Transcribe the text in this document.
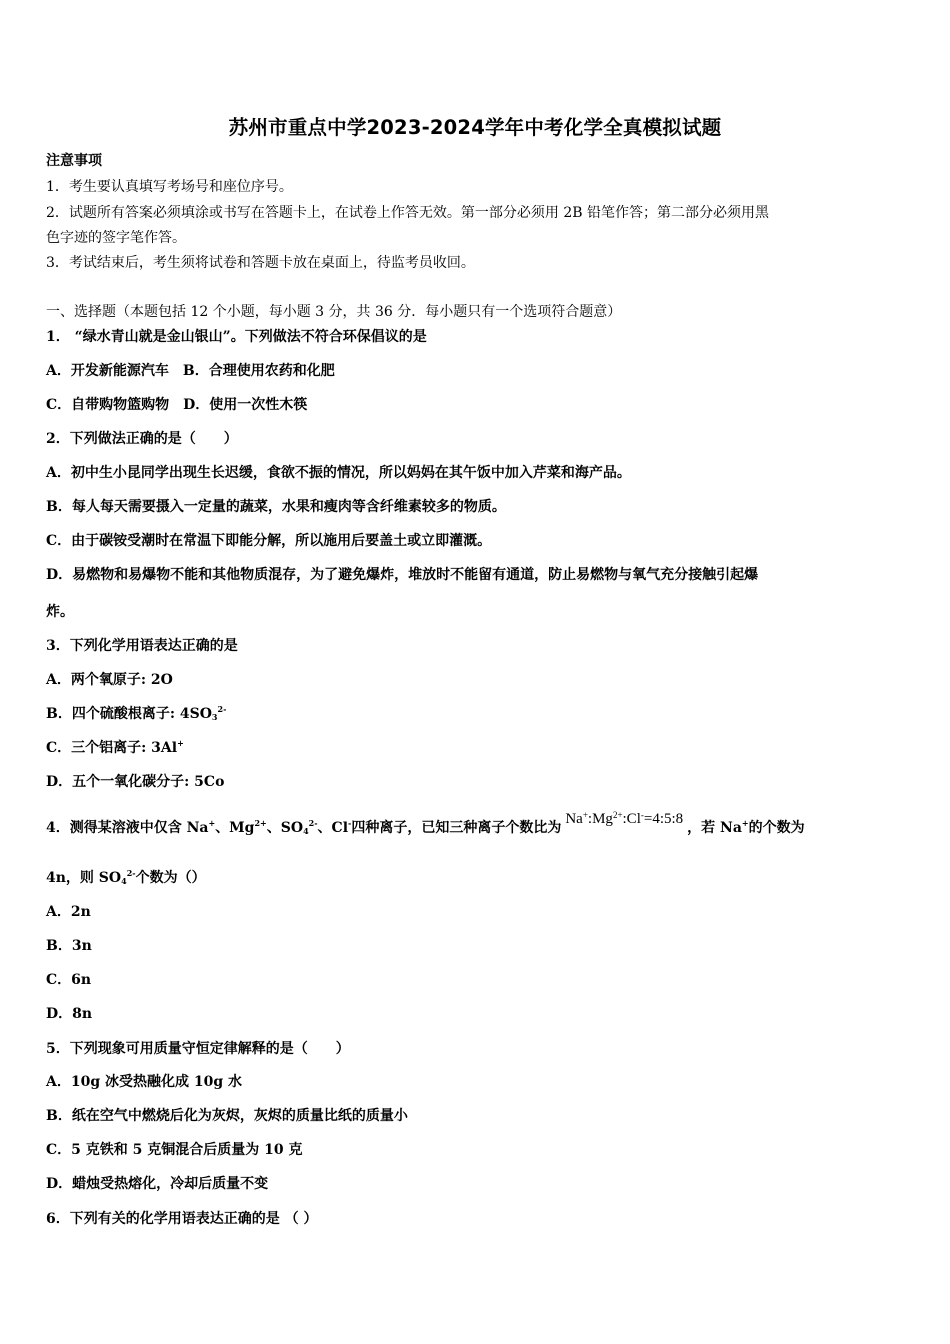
苏州市重点中学2023-2024学年中考化学全真模拟试题
注意事项
1．考生要认真填写考场号和座位序号。
2．试题所有答案必须填涂或书写在答题卡上，在试卷上作答无效。第一部分必须用 2B 铅笔作答；第二部分必须用黑
色字迹的签字笔作答。
3．考试结束后，考生须将试卷和答题卡放在桌面上，待监考员收回。
一、选择题（本题包括 12 个小题，每小题 3 分，共 36 分．每小题只有一个选项符合题意）
1． “绿水青山就是金山银山”。下列做法不符合环保倡议的是
A．开发新能源汽车　B．合理使用农药和化肥
C．自带购物篮购物　D．使用一次性木筷
2．下列做法正确的是（　　）
A．初中生小昆同学出现生长迟缓，食欲不振的情况，所以妈妈在其午饭中加入芹菜和海产品。
B．每人每天需要摄入一定量的蔬菜，水果和瘦肉等含纤维素较多的物质。
C．由于碳铵受潮时在常温下即能分解，所以施用后要盖土或立即灌溉。
D．易燃物和易爆物不能和其他物质混存，为了避免爆炸，堆放时不能留有通道，防止易燃物与氧气充分接触引起爆
炸。
3．下列化学用语表达正确的是
A．两个氧原子: 2O
B．四个硫酸根离子: $4SO_3^{2-}$
C．三个铝离子: 3Al+
D．五个一氧化碳分子: 5Co
4．测得某溶液中仅含 Na+、$Mg^{2+}$、$SO_4^{2-}$、Cl-四种离子，已知三种离子个数比为$Na^+:Mg^{2+}:Cl^-=4:5:8$，若 Na+的个数为
4n，则 $SO_4^{2-}$个数为（）
A．2n
B．3n
C．6n
D．8n
5．下列现象可用质量守恒定律解释的是（　　）
A．10g 冰受热融化成 10g 水
B．纸在空气中燃烧后化为灰烬，灰烬的质量比纸的质量小
C．5 克铁和 5 克铜混合后质量为 10 克
D．蜡烛受热熔化，冷却后质量不变
6．下列有关的化学用语表达正确的是 （ ）
